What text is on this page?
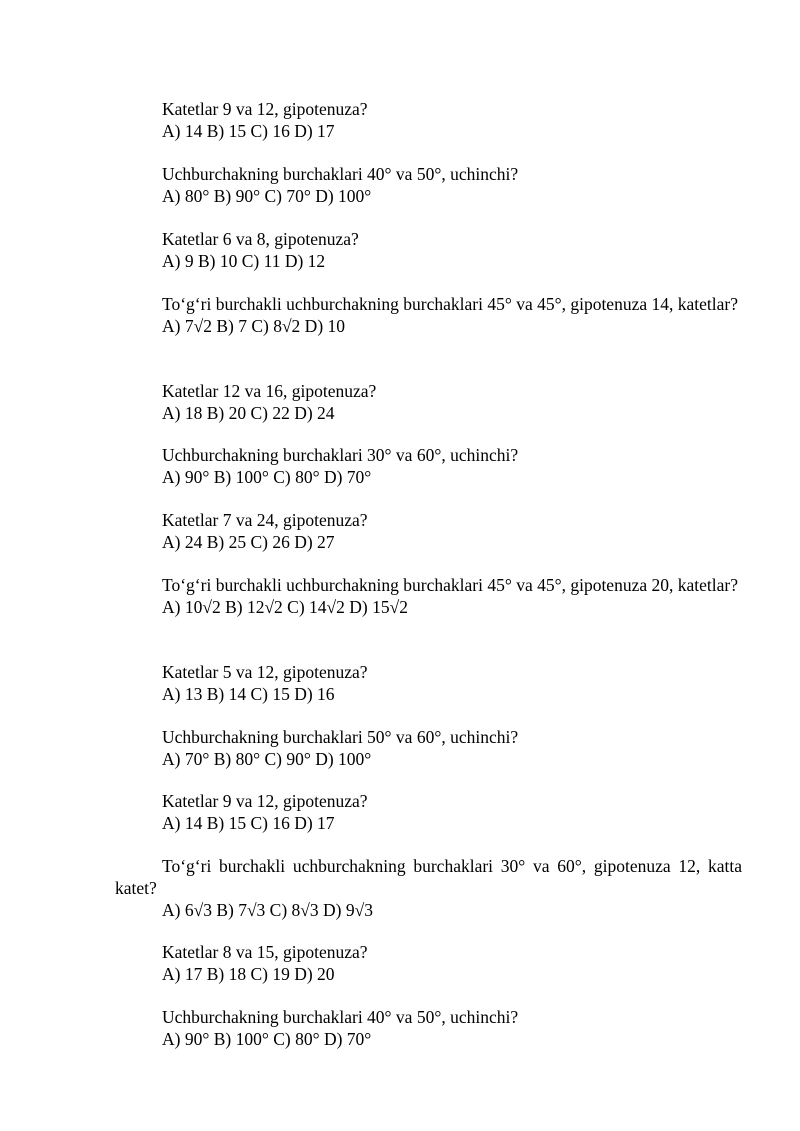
Katetlar 9 va 12, gipotenuza?

A) 14 B) 15 C) 16 D) 17

Uchburchakning burchaklari 40° va 50°, uchinchi?

A) 80° B) 90° C) 70° D) 100°

Katetlar 6 va 8, gipotenuza?

A) 9 B) 10 C) 11 D) 12

To‘g‘ri burchakli uchburchakning burchaklari 45° va 45°, gipotenuza 14, katetlar?

A) 7√2 B) 7 C) 8√2 D) 10

Katetlar 12 va 16, gipotenuza?

A) 18 B) 20 C) 22 D) 24

Uchburchakning burchaklari 30° va 60°, uchinchi?

A) 90° B) 100° C) 80° D) 70°

Katetlar 7 va 24, gipotenuza?

A) 24 B) 25 C) 26 D) 27

To‘g‘ri burchakli uchburchakning burchaklari 45° va 45°, gipotenuza 20, katetlar?

A) 10√2 B) 12√2 C) 14√2 D) 15√2

Katetlar 5 va 12, gipotenuza?

A) 13 B) 14 C) 15 D) 16

Uchburchakning burchaklari 50° va 60°, uchinchi?

A) 70° B) 80° C) 90° D) 100°

Katetlar 9 va 12, gipotenuza?

A) 14 B) 15 C) 16 D) 17

To‘g‘ri burchakli uchburchakning burchaklari 30° va 60°, gipotenuza 12, katta katet?

A) 6√3 B) 7√3 C) 8√3 D) 9√3

Katetlar 8 va 15, gipotenuza?

A) 17 B) 18 C) 19 D) 20

Uchburchakning burchaklari 40° va 50°, uchinchi?

A) 90° B) 100° C) 80° D) 70°
